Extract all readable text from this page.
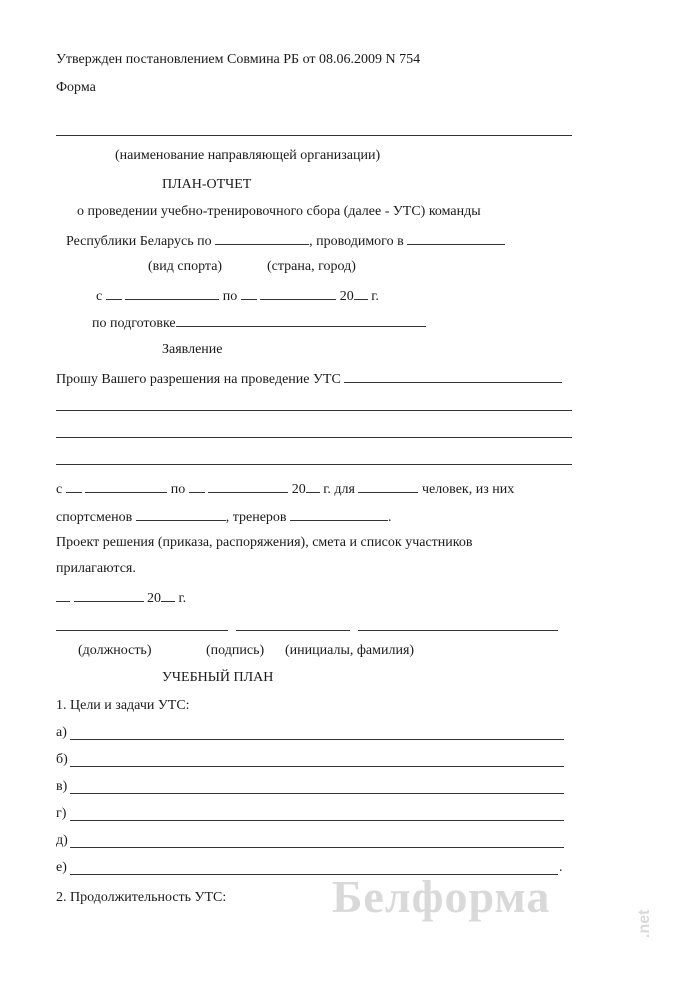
Утвержден постановлением Совмина РБ от 08.06.2009 N 754
Форма
(наименование направляющей организации)
ПЛАН-ОТЧЕТ
о проведении учебно-тренировочного сбора (далее - УТС) команды
Республики Беларусь по	, проводимого в
(вид спорта)	(страна, город)
с	по	20 г.
по подготовке
Заявление
Прошу Вашего разрешения на проведение УТС
с	по	20 г. для	человек, из них
спортсменов	, тренеров	.
Проект решения (приказа, распоряжения), смета и список участников
прилагаются.
20 г.
(должность)	(подпись) (инициалы, фамилия)
УЧЕБНЫЙ ПЛАН
1. Цели и задачи УТС:
а)
б)
в)
г)
д)
е)	.
2. Продолжительность УТС: Белформа
.net
